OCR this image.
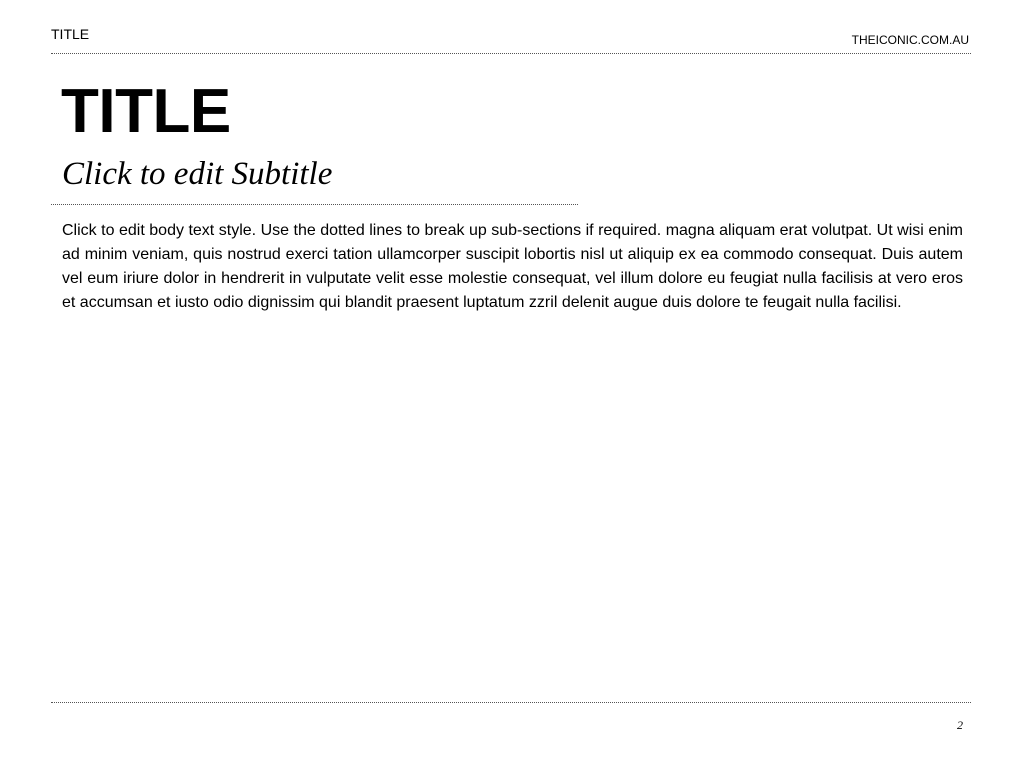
TITLE	THEICONIC.COM.AU
TITLE
Click to edit Subtitle

Click to edit body text style. Use the dotted lines to break up sub-sections if required. magna aliquam erat volutpat. Ut wisi enim ad minim veniam, quis nostrud exerci tation ullamcorper suscipit lobortis nisl ut aliquip ex ea commodo consequat. Duis autem vel eum iriure dolor in hendrerit in vulputate velit esse molestie consequat, vel illum dolore eu feugiat nulla facilisis at vero eros et accumsan et iusto odio dignissim qui blandit praesent luptatum zzril delenit augue duis dolore te feugait nulla facilisi.

2
